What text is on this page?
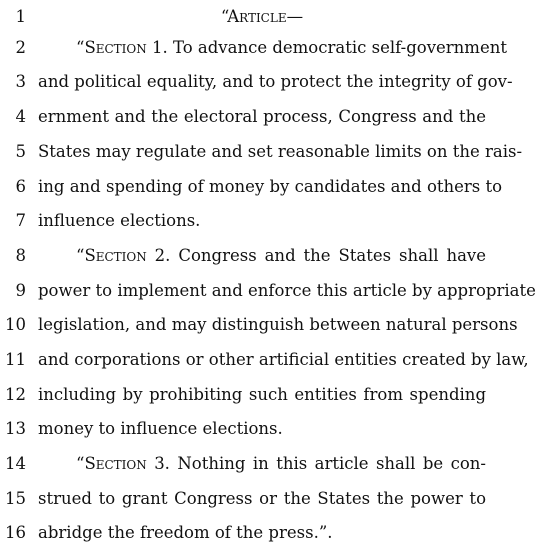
1	“Article—
2	“Section 1. To advance democratic self-government
3 and political equality, and to protect the integrity of gov-
4 ernment and the electoral process, Congress and the
5 States may regulate and set reasonable limits on the rais-
6 ing and spending of money by candidates and others to
7 influence elections.
8	“Section 2. Congress and the States shall have
9 power to implement and enforce this article by appropriate
10 legislation, and may distinguish between natural persons
11 and corporations or other artificial entities created by law,
12 including by prohibiting such entities from spending
13 money to influence elections.
14	“Section 3. Nothing in this article shall be con-
15 strued to grant Congress or the States the power to
16 abridge the freedom of the press.”.
